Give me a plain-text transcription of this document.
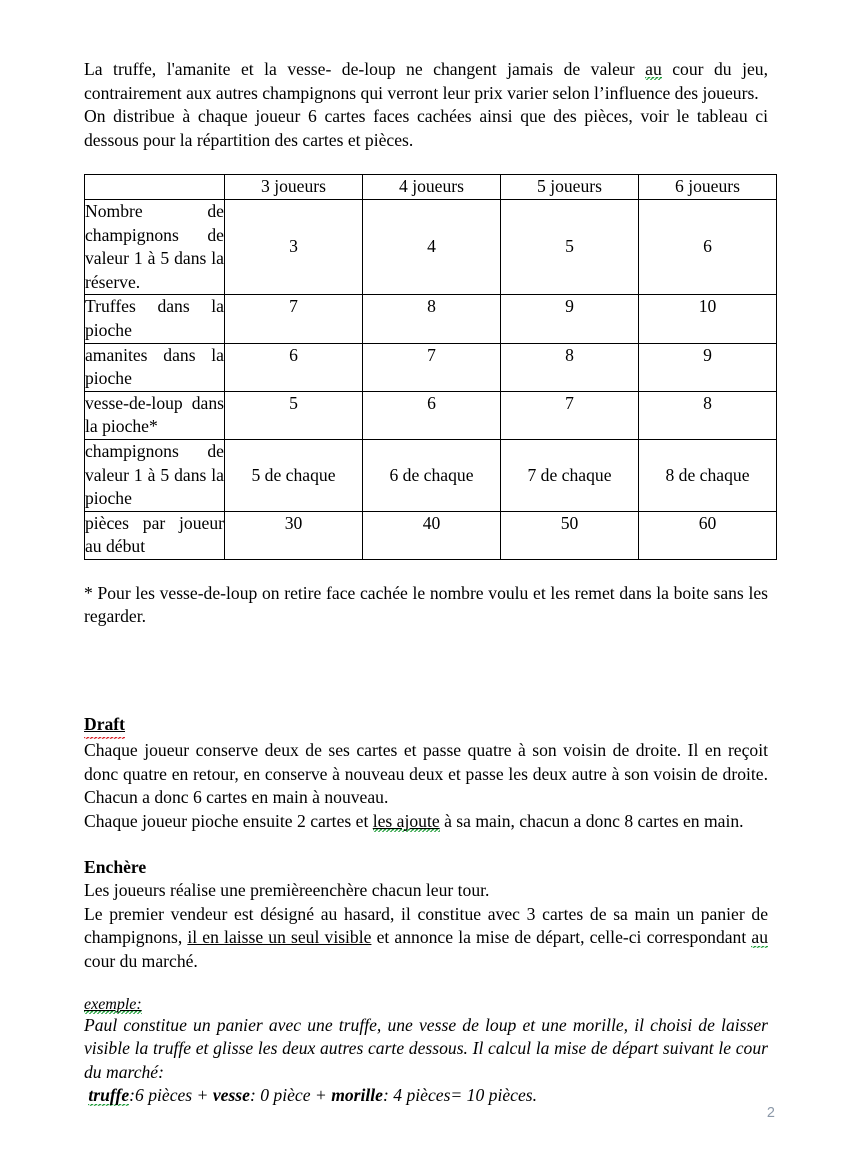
La truffe, l'amanite et la vesse- de-loup ne changent jamais de valeur au cour du jeu, contrairement aux autres champignons qui verront leur prix varier selon l’influence des joueurs.

On distribue à chaque joueur 6 cartes faces cachées ainsi que des pièces, voir le tableau ci dessous pour la répartition des cartes et pièces.

	3 joueurs	4 joueurs	5 joueurs	6 joueurs
Nombre de champignons de valeur 1 à 5 dans la réserve.	3	4	5	6
Truffes dans la pioche	7	8	9	10
amanites dans la pioche	6	7	8	9
vesse-de-loup dans la pioche*	5	6	7	8
champignons de valeur 1 à 5 dans la pioche	5 de chaque	6 de chaque	7 de chaque	8 de chaque
pièces par joueur au début	30	40	50	60

* Pour les vesse-de-loup on retire face cachée le nombre voulu et les remet dans la boite sans les regarder.

Draft

Chaque joueur conserve deux de ses cartes et passe quatre à son voisin de droite. Il en reçoit donc quatre en retour, en conserve à nouveau deux et passe les deux autre à son voisin de droite. Chacun a donc 6 cartes en main à nouveau.

Chaque joueur pioche ensuite 2 cartes et les ajoute à sa main, chacun a donc 8 cartes en main.

Enchère

Les joueurs réalise une premièreenchère chacun leur tour.

Le premier vendeur est désigné au hasard, il constitue avec 3 cartes de sa main un panier de champignons, il en laisse un seul visible et annonce la mise de départ, celle-ci correspondant au cour du marché.

exemple:

Paul constitue un panier avec une truffe, une vesse de loup et une morille, il choisi de laisser visible la truffe et glisse les deux autres carte dessous. Il calcul la mise de départ suivant le cour du marché:

truffe:6 pièces + vesse: 0 pièce + morille: 4 pièces= 10 pièces.

2
